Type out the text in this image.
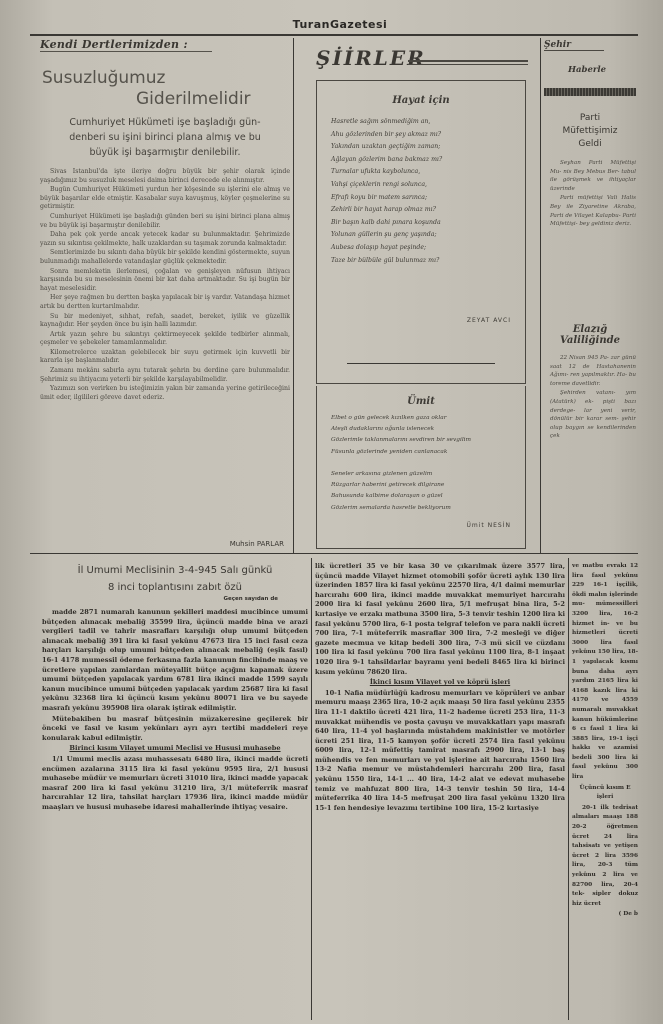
TuranGazetesi
Kendi Dertlerimizden :
Susuzluğumuz
Giderilmelidir
Cumhuriyet Hükümeti işe başladığı gün-
denberi su işini birinci plana almış ve bu
büyük işi başarmıştır denilebilir.

Sivas İstanbul'da işte ileriye doğru büyük bir şehir olarak içinde yaşadığımız bu susuzluk meselesi daima birinci derecede ele alınmıştır.

Bugün Cumhuriyet Hükümeti yurdun her köşesinde su işlerini ele almış ve büyük başarılar elde etmiştir. Kasabalar suya kavuşmuş, köyler çeşmelerine su getirmiştir.

Cumhuriyet Hükümeti işe başladığı günden beri su işini birinci plana almış ve bu büyük işi başarmıştır denilebilir.

Daha pek çok yerde ancak yetecek kadar su bulunmaktadır. Şehrimizde yazın su sıkıntısı çekilmekte, halk uzaklardan su taşımak zorunda kalmaktadır.

Semtlerimizde bu sıkıntı daha büyük bir şekilde kendini göstermekte, suyun bulunmadığı mahallelerde vatandaşlar güçlük çekmektedir.

Sonra memleketin ilerlemesi, çoğalan ve genişleyen nüfusun ihtiyacı karşısında bu su meselesinin önemi bir kat daha artmaktadır. Su işi bugün bir hayat meselesidir.

Her şeye rağmen bu dertten başka yapılacak bir iş vardır. Vatandaşa hizmet artık bu dertten kurtarılmalıdır.

Su bir medeniyet, sıhhat, refah, saadet, bereket, iyilik ve güzellik kaynağıdır. Her şeyden önce bu işin halli lazımdır.

Artık yazın şehre bu sıkıntıyı çektirmeyecek şekilde tedbirler alınmalı, çeşmeler ve şebekeler tamamlanmalıdır.

Kilometrelerce uzaktan gelebilecek bir suyu getirmek için kuvvetli bir kararla işe başlanmalıdır.

Zamanı mekânı sabırla aynı tutarak şehrin bu derdine çare bulunmalıdır. Şehrimiz su ihtiyacını yeterli bir şekilde karşılayabilmelidir.

Yazımızı son verirken bu isteğimizin yakın bir zamanda yerine getirileceğini ümit eder, ilgilileri göreve davet ederiz.

Muhsin PARLAR
ŞİİRLER
Hayat için
Hasretle sağım sönmediğim an,
Ahu gözlerinden bir şey akmaz mı?
Yakından uzaktan geçtiğim zaman;
Ağlayan gözlerim bana bakmaz mı?
Turnalar ufukta kaybolunca,
Vahşi çiçeklerin rengi solunca,
Efrafı koyu bir matem sarınca;
Zehirli bir hayat harap olmaz mı?
Bir başın kalb dahi pınara koşunda
Yolunan güllerin şu genç yaşında;
Aubesa dolaşıp hayat peşinde;
Taze bir bülbüle gül bulunmaz mı?
ZEYAT AVCI
Ümit
Elbet o gün gelecek kızılken gaza oklar
Ateşli dudaklarını oğunla islenecek
Gözlerimle taklanmalarını sevdiren bir sevgilim
Füsunla gözlerinde yeniden canlanacak

Seneler arkasına gizlenen güzelim
Rüzgarlar haberini getirecek dilgirane
Bahusunda kalbime dolaraşan o güzel
Gözlerim semalarda hasretle bekliyorum
Ümit NESİN
Şehir
Haberle
Parti
Müfettişimiz
Geldi

Seyhan Parti Müfettişi Mu- nis Bey Mebus Ber- tabul ile görüşmek ve ihtiyaçlar üzerinde

Parti müfettişi Vali Halis Bey ile Ziyaretine Akraba, Parti de Vilayet Kalapbu- Parti Müfettişi- bey geldiniz deriz.

Elazığ
Valiliğinde

22 Nisan 945 Pa- zar günü saat 12 de Hastahanenin Ağımı- ren yapılmaktır. Ha- bu toreme davetlidir.

Şehirden vatanı- yım (Atatürk) ek- pişti bazı derdege- lar yeni verir, dönülür bir karar sem- şehir olup baygın se kendilerinden çek

İl Umumi Meclisinin 3-4-945 Salı günkü
8 inci toplantısını zabıt özü
Geçen sayıdan de

madde 2871 numaralı kanunun şekilleri maddesi mucibince umumi bütçeden alınacak mebaliğ 35599 lira, üçüncü madde bina ve arazi vergileri tadil ve tahrir masrafları karşılığı olup umumi bütçeden alınacak mebaliğ 391 lira ki fasıl yekûnu 47673 lira 15 inci fasıl ceza harçları karşılığı olup umumi bütçeden alınacak mebaliğ (eşik fasıl) 16-1 4178 mumessil ödeme ferkasına fazla kanunun fincibinde maaş ve ücretlere yapılan zamlardan müteyallit bütçe açığını kapamak üzere umumi bütçeden yapılacak yardım 6781 lira ikinci madde 1599 sayılı kanun mucibince umumi bütçeden yapılacak yardım 25687 lira ki fasıl yekûnu 32368 lira ki üçüncü kısım yekûnu 80071 lira ve bu sayede masrafı yekûnu 395908 lira olarak iştirak edilmiştir.

Mütebakiben bu masraf bütçesinin müzakeresine geçilerek bir önceki ve fasıl ve kısım yekûnları ayrı ayrı tertibi maddeleri reye konularak kabul edilmiştir.

Birinci kısım Vilayet umumi Meclisi ve Hususi muhasebe

1/1 Umumi meclis azası muhassesatı 6480 lira, ikinci madde ücreti encümen azalarına 3115 lira ki fasıl yekûnu 9595 lira, 2/1 hususi muhasebe müdür ve memurları ücreti 31010 lira, ikinci madde yapacak masraf 200 lira ki fasıl yekûnu 31210 lira, 3/1 müteferrik masraf harcırahlar 12 lira, tahsilat harçları 17936 lira, ikinci madde müdür maaşları ve hususi muhasebe idaresi mahallerinde ihtiyaç vesaire.

lik ücretleri 35 ve bir kasa 30 ve çıkarılmak üzere 3577 lira, üçüncü madde Vilayet hizmet otomobili şoför ücreti aylık 130 lira üzerinden 1857 lira ki fasıl yekûnu 22570 lira, 4/1 daimi memurlar harcırahı 600 lira, ikinci madde muvakkat memuriyet harcırahı 2000 lira ki fasıl yekûnu 2600 lira, 5/1 mefruşat bina lira, 5-2 kırtasiye ve erzakı matbuna 3500 lira, 5-3 tenvir teshin 1200 lira ki fasıl yekûnu 5700 lira, 6-1 posta telgraf telefon ve para nakli ücreti 700 lira, 7-1 müteferrik masraflar 300 lira, 7-2 mesleği ve diğer gazete mecmua ve kitap bedeli 300 lira, 7-3 mü sicil ve cüzdanı 100 lira ki fasıl yekûnu 700 lira fasıl yekûnu 1100 lira, 8-1 inşaat 1020 lira 9-1 tahsildarlar bayramı yeni bedeli 8465 lira ki birinci kısım yekûnu 78620 lira.

İkinci kısım Vilayet yol ve köprü işleri

10-1 Nafia müdürlüğü kadrosu memurları ve köprüleri ve anbar memuru maaşı 2365 lira, 10-2 açık maaşı 50 lira fasıl yekûnu 2355 lira 11-1 daktilo ücreti 421 lira, 11-2 hademe ücreti 253 lira, 11-3 muvakkat mühendis ve posta çavuşu ve muvakkatları yapı masrafı 640 lira, 11-4 yol başlarında müstahdem makinistler ve motörler ücreti 251 lira, 11-5 kamyon şoför ücreti 2574 lira fasıl yekûnu 6009 lira, 12-1 müfettiş tamirat masrafı 2900 lira, 13-1 baş mühendis ve fen memurları ve yol işlerine ait harcırahı 1560 lira 13-2 Nafia memur ve müstahdemleri harcırahı 200 lira, fasıl yekûnu 1550 lira, 14-1 ... 40 lira, 14-2 alat ve edevat muhasebe temiz ve mahfuzat 800 lira, 14-3 tenvir teshin 50 lira, 14-4 müteferrika 40 lira 14-5 mefruşat 200 lira fasıl yekûnu 1320 lira 15-1 fen hendesiye levazımı tertibine 100 lira, 15-2 kırtasiye

ve matbu evrakı 12 lira fasıl yekûnu 229 16-1 işçilik, ökdi malın işlerinde mu- mümessilleri 3200 lira, 16-2 hizmet in- ve bu hizmetleri ücreti 3000 lira fasıl yekûnu 150 lira, 18-1 yapılacak kısmı buna daha ayrı yardım 2165 lira ki 4168 kazık lira ki 4170 ve 4559 numaralı muvakkat kanun hükümlerine 6 cı fasıl 1 lira ki 3885 lira, 19-1 işçi hakkı ve azamisi bedeli 300 lira ki fasıl yekûnu 300 lira

Üçüncü kısım E işleri

20-1 ilk tedrisat almaları maaşı 188 20-2 öğretmen ücret 24 lira tahsisatı ve yetişen ücret 2 lira 3596 lira, 20-3 tüm yekûnu 2 lira ve 82700 lira, 20-4 tek- sipler dokuz hiz ücret

( De b
